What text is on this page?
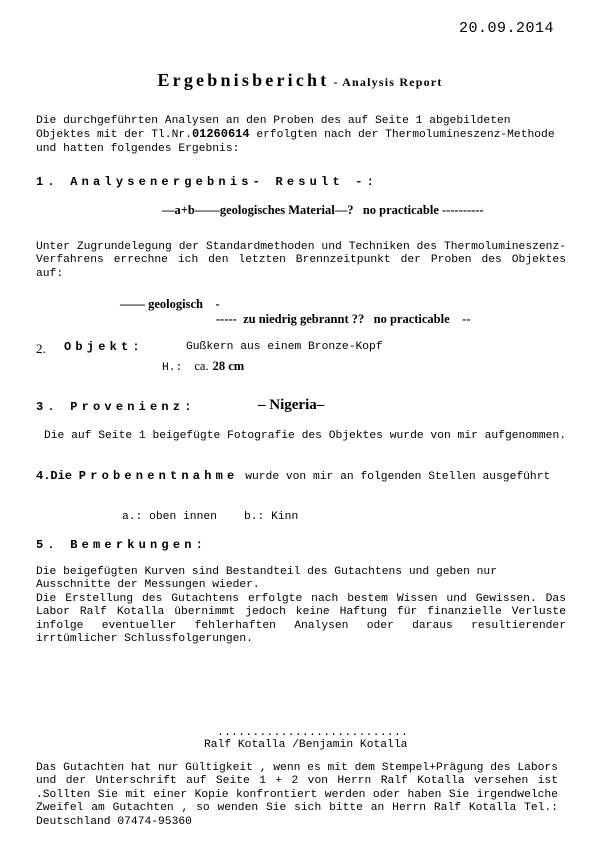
20.09.2014
Ergebnisbericht - Analysis Report
Die durchgeführten Analysen an den Proben des auf Seite 1 abgebildeten Objektes mit der Tl.Nr.01260614 erfolgten nach der Thermolumineszenz-Methode und hatten folgendes Ergebnis:
1. Analysenergebnis- Result -:
—a+b——geologisches Material—?   no practicable ----------
Unter Zugrundelegung der Standardmethoden und Techniken des Thermolumineszenz-Verfahrens errechne ich den letzten Brennzeitpunkt der Proben des Objektes auf:
—— geologisch    -
-----  zu niedrig gebrannt ??   no practicable    --
2. Objekt:	Gußkern aus einem Bronze-Kopf
H.: ca. 28 cm
3. Provenienz:	– Nigeria–
Die auf Seite 1 beigefügte Fotografie des Objektes wurde von mir aufgenommen.
4.Die Probenentnahme wurde von mir an folgenden Stellen ausgeführt
a.: oben innen b.: Kinn
5. Bemerkungen:

Die beigefügten Kurven sind Bestandteil des Gutachtens und geben nur Ausschnitte der Messungen wieder.

Die Erstellung des Gutachtens erfolgte nach bestem Wissen und Gewissen. Das Labor Ralf Kotalla übernimmt jedoch keine Haftung für finanzielle Verluste infolge eventueller fehlerhaften Analysen oder daraus resultierender irrtümlicher Schlussfolgerungen.

...........................
Ralf Kotalla /Benjamin Kotalla
Das Gutachten hat nur Gültigkeit , wenn es mit dem Stempel+Prägung des Labors und der Unterschrift auf Seite 1 + 2 von Herrn Ralf Kotalla versehen ist .Sollten Sie mit einer Kopie konfrontiert werden oder haben Sie irgendwelche Zweifel am Gutachten , so wenden Sie sich bitte an Herrn Ralf Kotalla Tel.: Deutschland 07474-95360
